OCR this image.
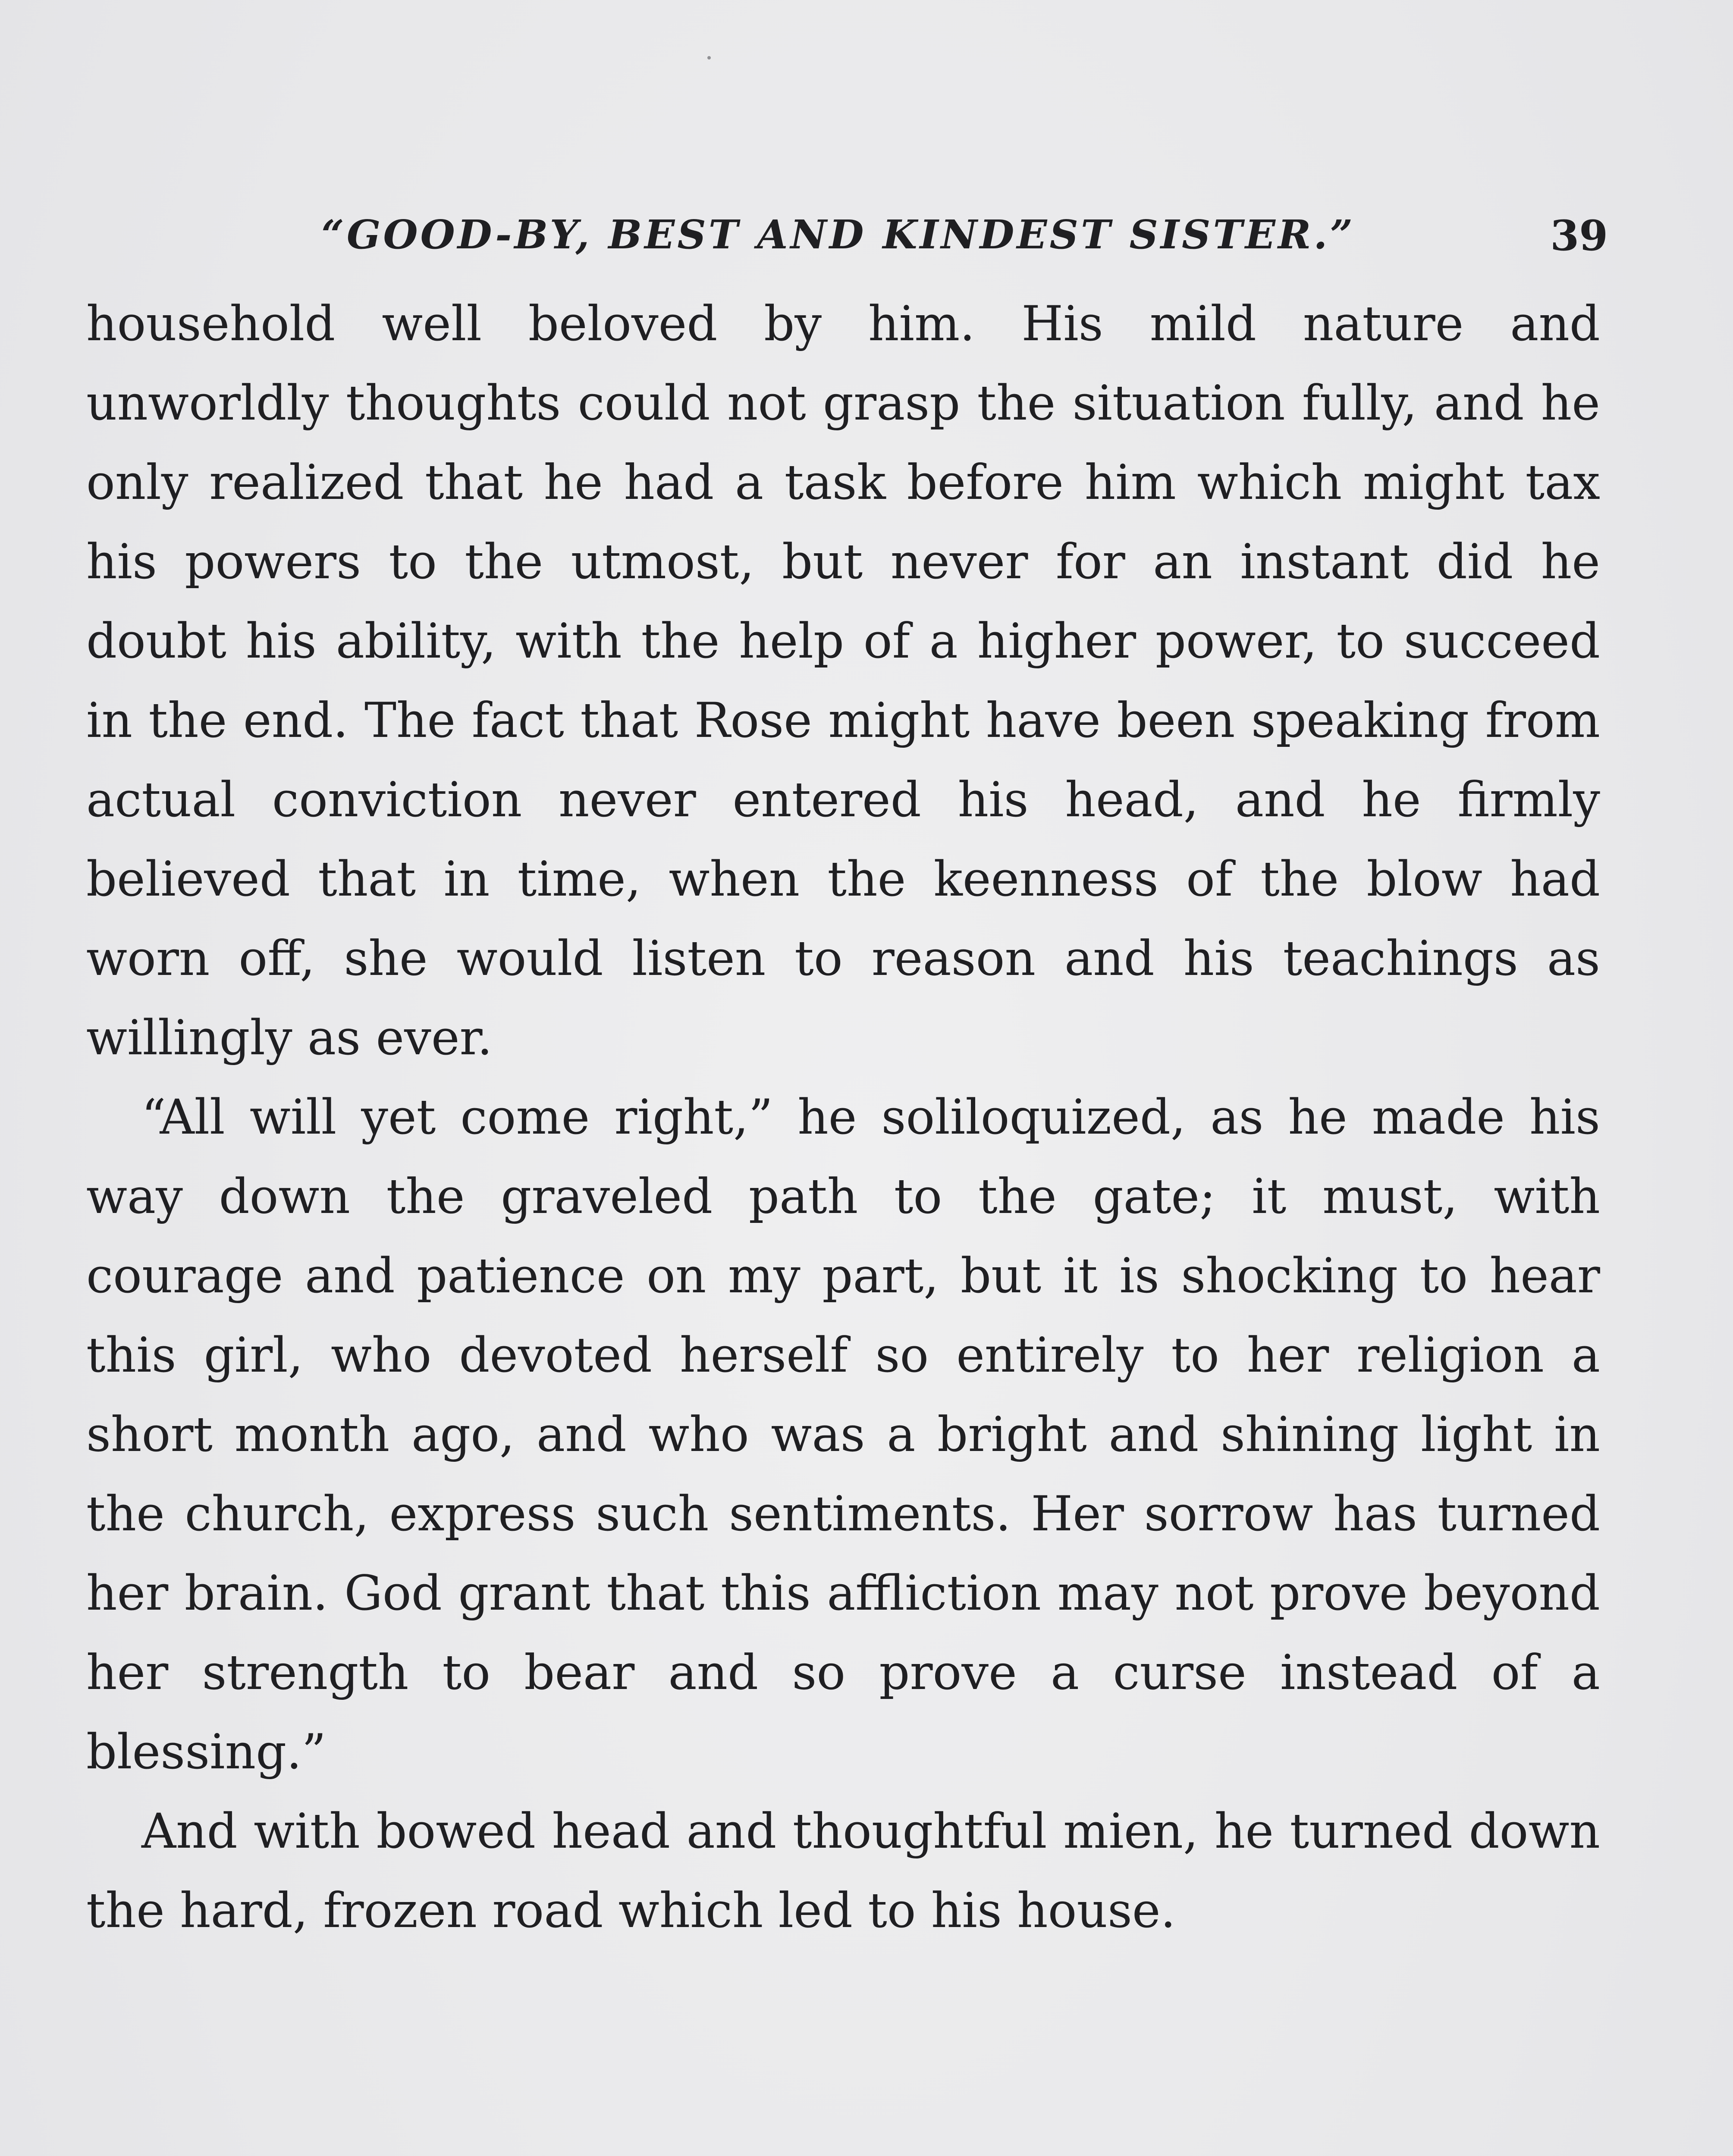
“GOOD-BY, BEST AND KINDEST SISTER.”	39

household well beloved by him. His mild nature and unworldly thoughts could not grasp the situation fully, and he only realized that he had a task before him which might tax his powers to the utmost, but never for an instant did he doubt his ability, with the help of a higher power, to succeed in the end. The fact that Rose might have been speaking from actual conviction never entered his head, and he firmly believed that in time, when the keenness of the blow had worn off, she would listen to reason and his teachings as willingly as ever.

“All will yet come right,” he soliloquized, as he made his way down the graveled path to the gate; it must, with courage and patience on my part, but it is shocking to hear this girl, who devoted herself so entirely to her religion a short month ago, and who was a bright and shining light in the church, express such sentiments. Her sorrow has turned her brain. God grant that this affliction may not prove beyond her strength to bear and so prove a curse instead of a blessing.”

And with bowed head and thoughtful mien, he turned down the hard, frozen road which led to his house.
